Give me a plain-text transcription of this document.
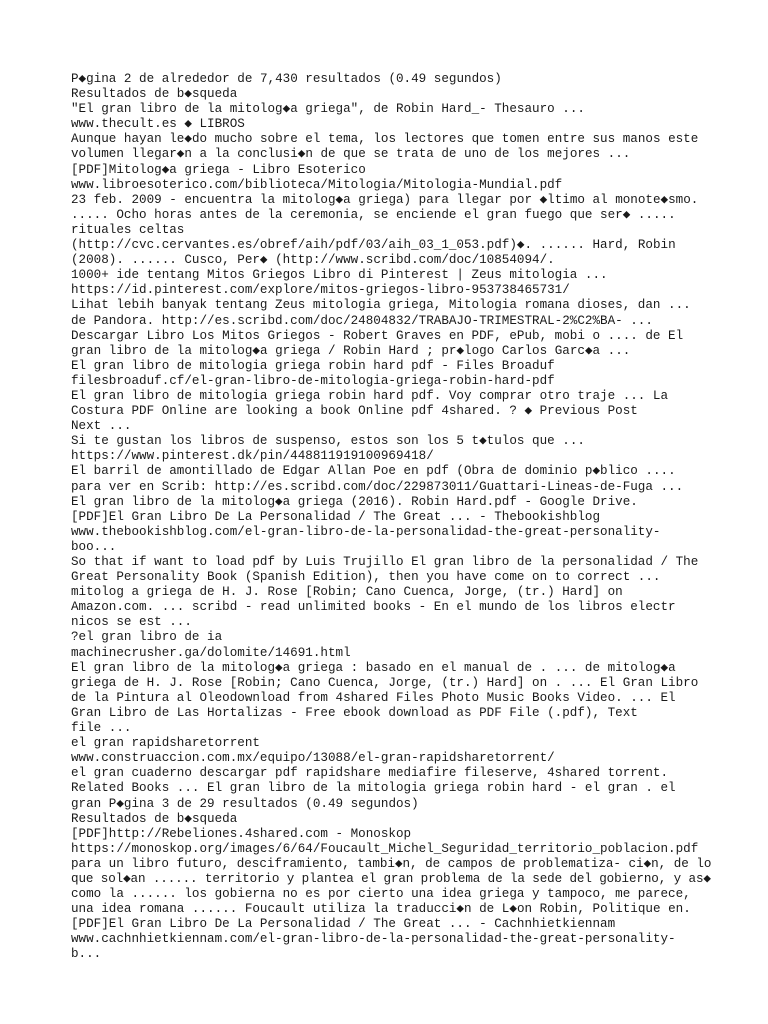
P◆gina 2 de alrededor de 7,430 resultados (0.49 segundos)
Resultados de b◆squeda
"El gran libro de la mitolog◆a griega", de Robin Hard_- Thesauro ...
www.thecult.es ◆ LIBROS
Aunque hayan le◆do mucho sobre el tema, los lectores que tomen entre sus manos este
volumen llegar◆n a la conclusi◆n de que se trata de uno de los mejores ...
[PDF]Mitolog◆a griega - Libro Esoterico
www.libroesoterico.com/biblioteca/Mitologia/Mitologia-Mundial.pdf
23 feb. 2009 - encuentra la mitolog◆a griega) para llegar por ◆ltimo al monote◆smo.
..... Ocho horas antes de la ceremonia, se enciende el gran fuego que ser◆ .....
rituales celtas
(http://cvc.cervantes.es/obref/aih/pdf/03/aih_03_1_053.pdf)◆. ...... Hard, Robin
(2008). ...... Cusco, Per◆ (http://www.scribd.com/doc/10854094/.
1000+ ide tentang Mitos Griegos Libro di Pinterest | Zeus mitologia ...
https://id.pinterest.com/explore/mitos-griegos-libro-953738465731/
Lihat lebih banyak tentang Zeus mitologia griega, Mitologia romana dioses, dan ...
de Pandora. http://es.scribd.com/doc/24804832/TRABAJO-TRIMESTRAL-2%C2%BA- ...
Descargar Libro Los Mitos Griegos - Robert Graves en PDF, ePub, mobi o .... de El
gran libro de la mitolog◆a griega / Robin Hard ; pr◆logo Carlos Garc◆a ...
El gran libro de mitologia griega robin hard pdf - Files Broaduf
filesbroaduf.cf/el-gran-libro-de-mitologia-griega-robin-hard-pdf
El gran libro de mitologia griega robin hard pdf. Voy comprar otro traje ... La
Costura PDF Online are looking a book Online pdf 4shared. ? ◆ Previous Post
Next ...
Si te gustan los libros de suspenso, estos son los 5 t◆tulos que ...
https://www.pinterest.dk/pin/448811919100969418/
El barril de amontillado de Edgar Allan Poe en pdf (Obra de dominio p◆blico ....
para ver en Scrib: http://es.scribd.com/doc/229873011/Guattari-Lineas-de-Fuga ...
El gran libro de la mitolog◆a griega (2016). Robin Hard.pdf - Google Drive.
[PDF]El Gran Libro De La Personalidad / The Great ... - Thebookishblog
www.thebookishblog.com/el-gran-libro-de-la-personalidad-the-great-personality-
boo...
So that if want to load pdf by Luis Trujillo El gran libro de la personalidad / The
Great Personality Book (Spanish Edition), then you have come on to correct ...
mitolog a griega de H. J. Rose [Robin; Cano Cuenca, Jorge, (tr.) Hard] on
Amazon.com. ... scribd - read unlimited books - En el mundo de los libros electr
nicos se est ...
?el gran libro de ia
machinecrusher.ga/dolomite/14691.html
El gran libro de la mitolog◆a griega : basado en el manual de . ... de mitolog◆a
griega de H. J. Rose [Robin; Cano Cuenca, Jorge, (tr.) Hard] on . ... El Gran Libro
de la Pintura al Oleodownload from 4shared Files Photo Music Books Video. ... El
Gran Libro de Las Hortalizas - Free ebook download as PDF File (.pdf), Text
file ...
el gran rapidsharetorrent
www.construaccion.com.mx/equipo/13088/el-gran-rapidsharetorrent/
el gran cuaderno descargar pdf rapidshare mediafire fileserve, 4shared torrent.
Related Books ... El gran libro de la mitologia griega robin hard - el gran . el
gran P◆gina 3 de 29 resultados (0.49 segundos)
Resultados de b◆squeda
[PDF]http://Rebeliones.4shared.com - Monoskop
https://monoskop.org/images/6/64/Foucault_Michel_Seguridad_territorio_poblacion.pdf
para un libro futuro, desciframiento, tambi◆n, de campos de problematiza- ci◆n, de lo
que sol◆an ...... territorio y plantea el gran problema de la sede del gobierno, y as◆
como la ...... los gobierna no es por cierto una idea griega y tampoco, me parece,
una idea romana ...... Foucault utiliza la traducci◆n de L◆on Robin, Politique en.
[PDF]El Gran Libro De La Personalidad / The Great ... - Cachnhietkiennam
www.cachnhietkiennam.com/el-gran-libro-de-la-personalidad-the-great-personality-
b...
